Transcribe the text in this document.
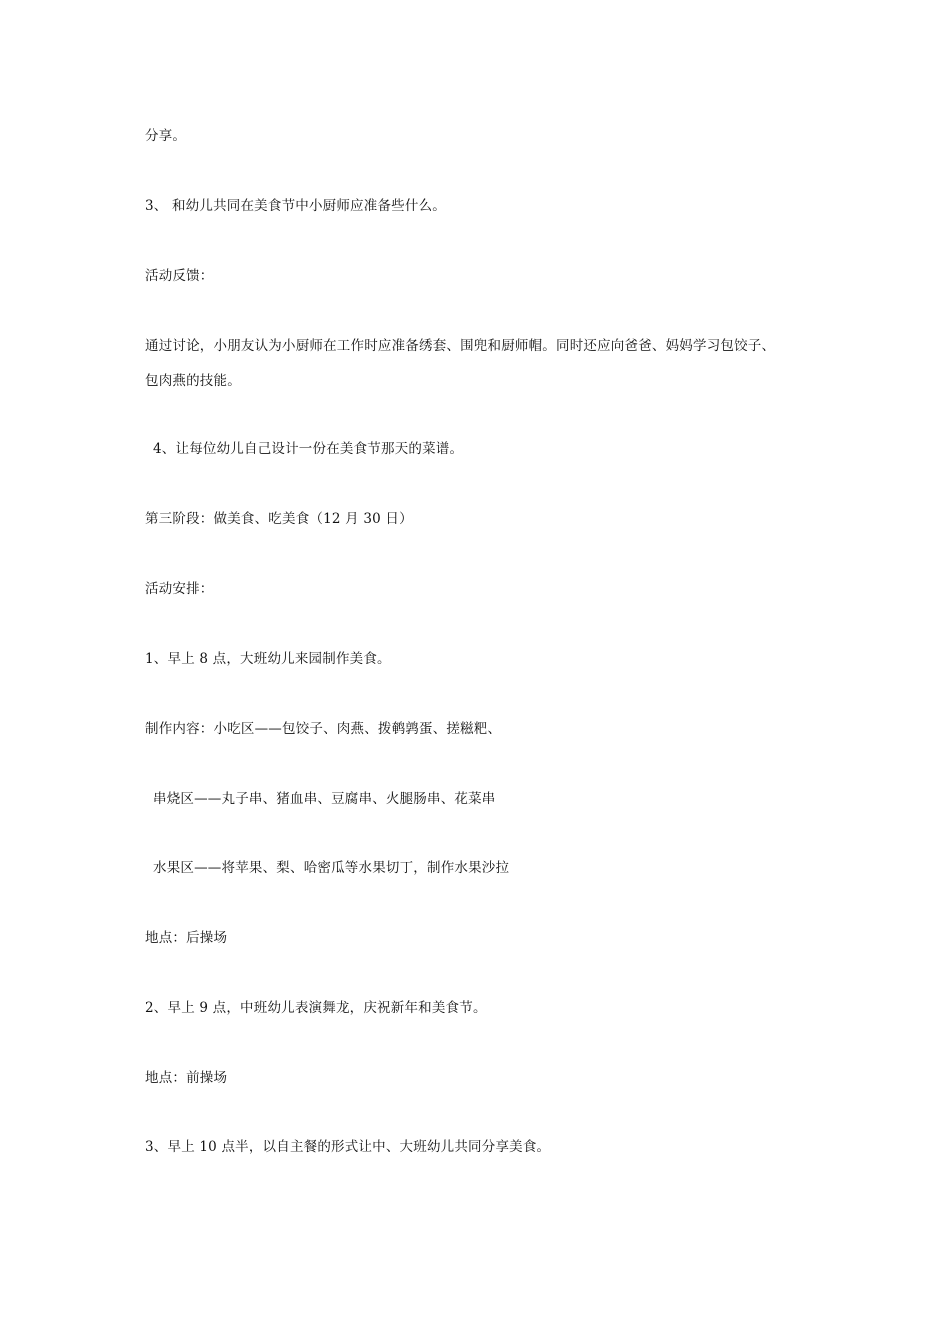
分享。
3、 和幼儿共同在美食节中小厨师应准备些什么。
活动反馈：
通过讨论，小朋友认为小厨师在工作时应准备绣套、围兜和厨师帽。同时还应向爸爸、妈妈学习包饺子、
包肉燕的技能。
4、让每位幼儿自己设计一份在美食节那天的菜谱。
第三阶段：做美食、吃美食（12 月 30 日）
活动安排：
1、早上 8 点，大班幼儿来园制作美食。
制作内容：小吃区——包饺子、肉燕、拨鹌鹑蛋、搓糍粑、
串烧区——丸子串、猪血串、豆腐串、火腿肠串、花菜串
水果区——将苹果、梨、哈密瓜等水果切丁，制作水果沙拉
地点：后操场
2、早上 9 点，中班幼儿表演舞龙，庆祝新年和美食节。
地点：前操场
3、早上 10 点半，以自主餐的形式让中、大班幼儿共同分享美食。
